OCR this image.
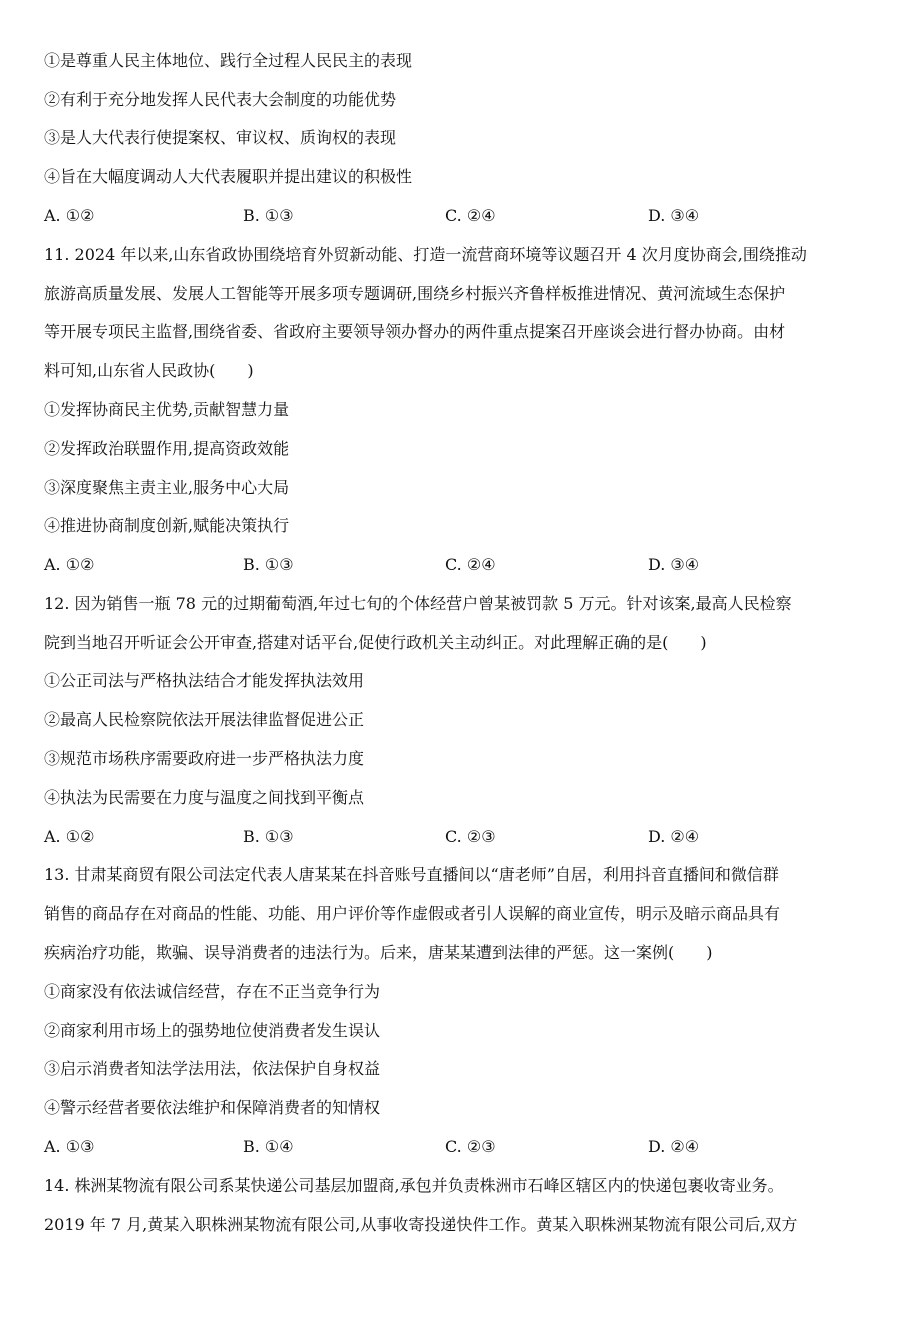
①是尊重人民主体地位、践行全过程人民民主的表现
②有利于充分地发挥人民代表大会制度的功能优势
③是人大代表行使提案权、审议权、质询权的表现
④旨在大幅度调动人大代表履职并提出建议的积极性
A. ①②	B. ①③	C. ②④	D. ③④
11. 2024 年以来,山东省政协围绕培育外贸新动能、打造一流营商环境等议题召开 4 次月度协商会,围绕推动
旅游高质量发展、发展人工智能等开展多项专题调研,围绕乡村振兴齐鲁样板推进情况、黄河流域生态保护
等开展专项民主监督,围绕省委、省政府主要领导领办督办的两件重点提案召开座谈会进行督办协商。由材
料可知,山东省人民政协(　　)
①发挥协商民主优势,贡献智慧力量
②发挥政治联盟作用,提高资政效能
③深度聚焦主责主业,服务中心大局
④推进协商制度创新,赋能决策执行
A. ①②	B. ①③	C. ②④	D. ③④
12. 因为销售一瓶 78 元的过期葡萄酒,年过七旬的个体经营户曾某被罚款 5 万元。针对该案,最高人民检察
院到当地召开听证会公开审查,搭建对话平台,促使行政机关主动纠正。对此理解正确的是(　　)
①公正司法与严格执法结合才能发挥执法效用
②最高人民检察院依法开展法律监督促进公正
③规范市场秩序需要政府进一步严格执法力度
④执法为民需要在力度与温度之间找到平衡点
A. ①②	B. ①③	C. ②③	D. ②④
13. 甘肃某商贸有限公司法定代表人唐某某在抖音账号直播间以“唐老师”自居，利用抖音直播间和微信群
销售的商品存在对商品的性能、功能、用户评价等作虚假或者引人误解的商业宣传，明示及暗示商品具有
疾病治疗功能，欺骗、误导消费者的违法行为。后来，唐某某遭到法律的严惩。这一案例(　　)
①商家没有依法诚信经营，存在不正当竞争行为
②商家利用市场上的强势地位使消费者发生误认
③启示消费者知法学法用法，依法保护自身权益
④警示经营者要依法维护和保障消费者的知情权
A. ①③	B. ①④	C. ②③	D. ②④
14. 株洲某物流有限公司系某快递公司基层加盟商,承包并负责株洲市石峰区辖区内的快递包裹收寄业务。
2019 年 7 月,黄某入职株洲某物流有限公司,从事收寄投递快件工作。黄某入职株洲某物流有限公司后,双方
